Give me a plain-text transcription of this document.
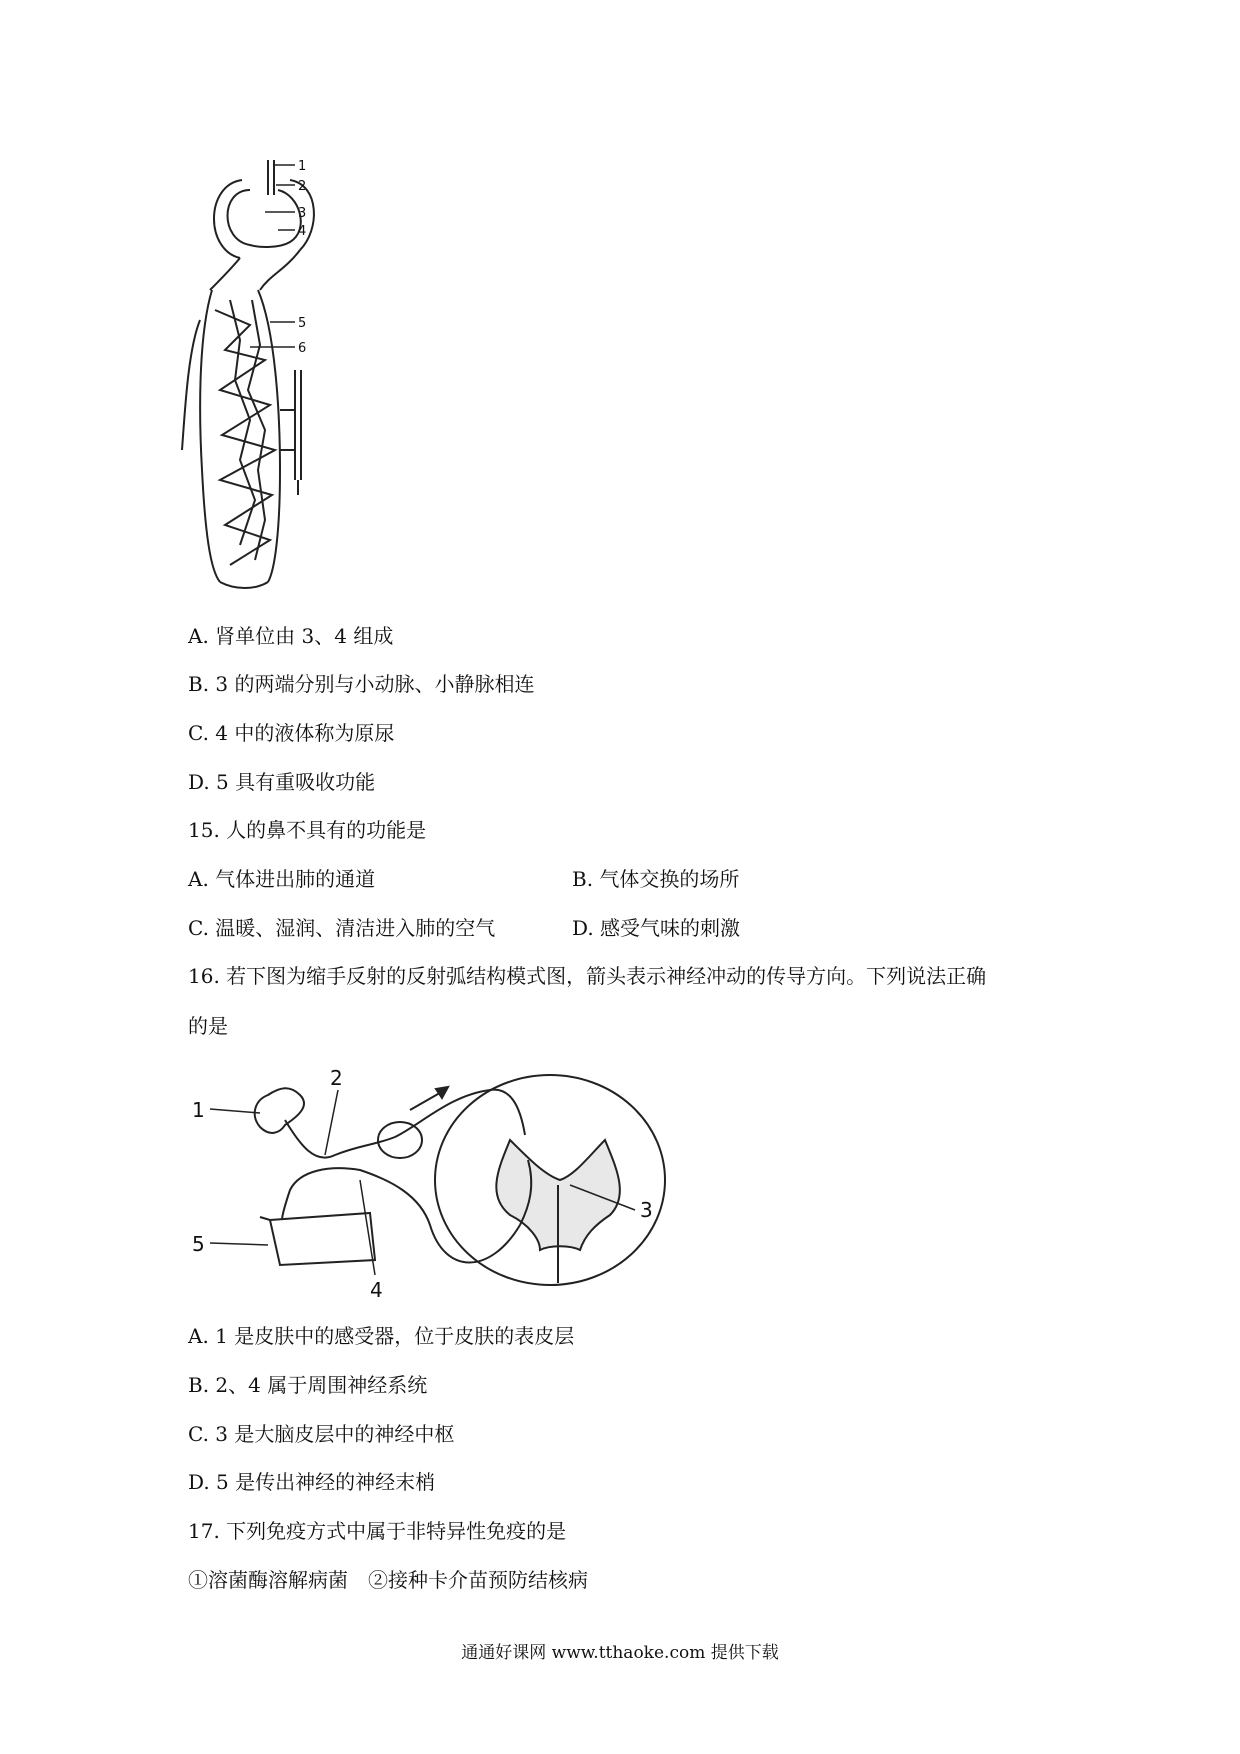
1
2
3
4
5
6
A. 肾单位由 3、4 组成
B. 3 的两端分别与小动脉、小静脉相连
C. 4 中的液体称为原尿
D. 5 具有重吸收功能
15. 人的鼻不具有的功能是
A. 气体进出肺的通道	B. 气体交换的场所
C. 温暖、湿润、清洁进入肺的空气	D. 感受气味的刺激
16. 若下图为缩手反射的反射弧结构模式图，箭头表示神经冲动的传导方向。下列说法正确
的是
1
2
3
4
5
A. 1 是皮肤中的感受器，位于皮肤的表皮层
B. 2、4 属于周围神经系统
C. 3 是大脑皮层中的神经中枢
D. 5 是传出神经的神经末梢
17. 下列免疫方式中属于非特异性免疫的是
①溶菌酶溶解病菌　②接种卡介苗预防结核病
通通好课网 www.tthaoke.com 提供下载
